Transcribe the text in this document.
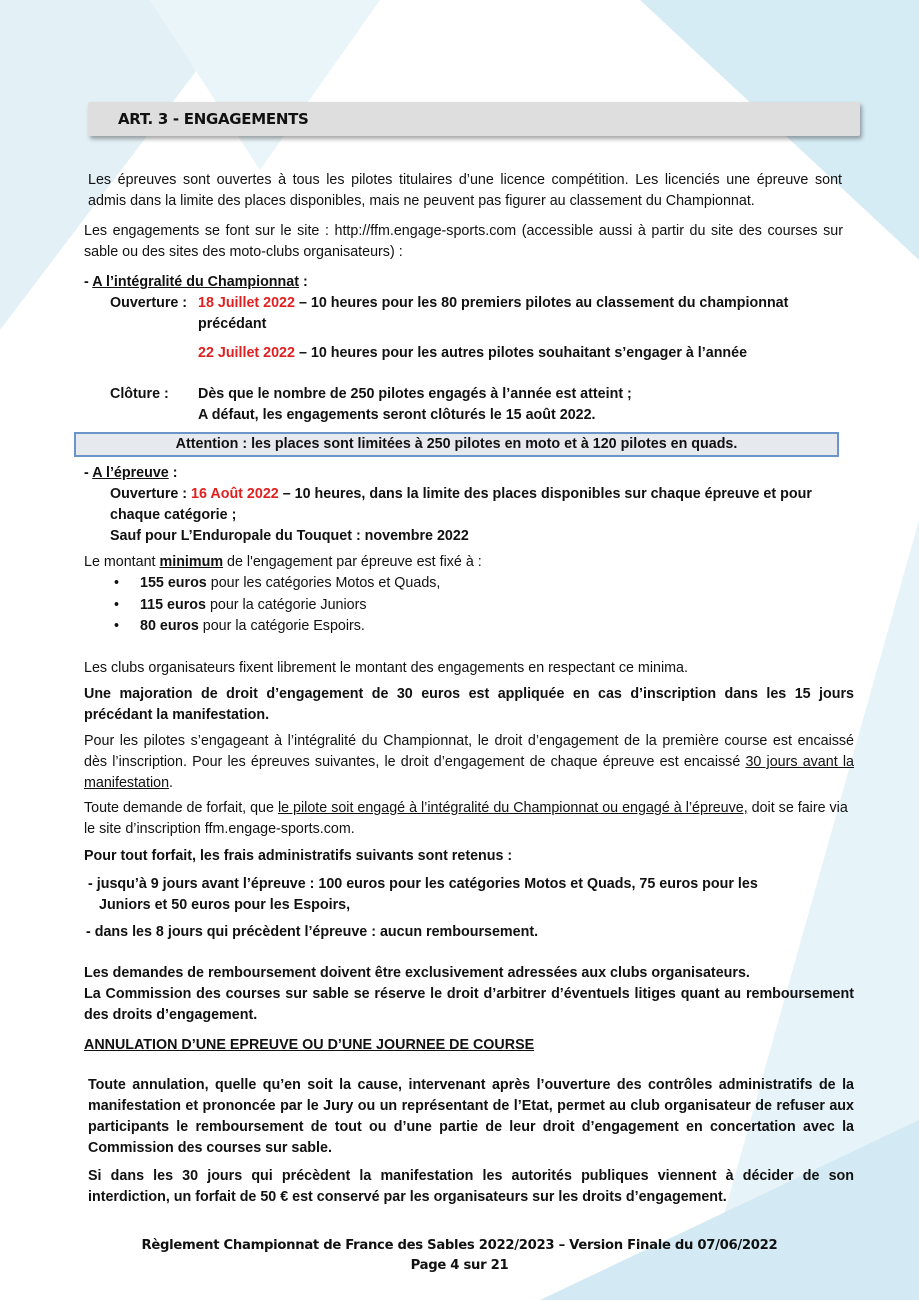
ART. 3 - ENGAGEMENTS
Les épreuves sont ouvertes à tous les pilotes titulaires d’une licence compétition. Les licenciés une épreuve sont admis dans la limite des places disponibles, mais ne peuvent pas figurer au classement du Championnat.
Les engagements se font sur le site : http://ffm.engage-sports.com (accessible aussi à partir du site des courses sur sable ou des sites des moto-clubs organisateurs) :
- A l’intégralité du Championnat :
Ouverture : 18 Juillet 2022 – 10 heures pour les 80 premiers pilotes au classement du championnat
précédant
22 Juillet 2022 – 10 heures pour les autres pilotes souhaitant s’engager à l’année
Clôture : Dès que le nombre de 250 pilotes engagés à l’année est atteint ;
A défaut, les engagements seront clôturés le 15 août 2022.
Attention : les places sont limitées à 250 pilotes en moto et à 120 pilotes en quads.
- A l’épreuve :
Ouverture : 16 Août 2022 – 10 heures, dans la limite des places disponibles sur chaque épreuve et pour chaque catégorie ;
Sauf pour L’Enduropale du Touquet : novembre 2022
Le montant minimum de l'engagement par épreuve est fixé à :
• 155 euros pour les catégories Motos et Quads,
• 115 euros pour la catégorie Juniors
• 80 euros pour la catégorie Espoirs.
Les clubs organisateurs fixent librement le montant des engagements en respectant ce minima.
Une majoration de droit d’engagement de 30 euros est appliquée en cas d’inscription dans les 15 jours précédant la manifestation.
Pour les pilotes s’engageant à l’intégralité du Championnat, le droit d’engagement de la première course est encaissé dès l’inscription. Pour les épreuves suivantes, le droit d’engagement de chaque épreuve est encaissé 30 jours avant la manifestation.
Toute demande de forfait, que le pilote soit engagé à l’intégralité du Championnat ou engagé à l’épreuve, doit se faire via le site d’inscription ffm.engage-sports.com.
Pour tout forfait, les frais administratifs suivants sont retenus :
- jusqu’à 9 jours avant l’épreuve : 100 euros pour les catégories Motos et Quads, 75 euros pour les
Juniors et 50 euros pour les Espoirs,
- dans les 8 jours qui précèdent l’épreuve : aucun remboursement.
Les demandes de remboursement doivent être exclusivement adressées aux clubs organisateurs.
La Commission des courses sur sable se réserve le droit d’arbitrer d’éventuels litiges quant au remboursement des droits d’engagement.
ANNULATION D’UNE EPREUVE OU D’UNE JOURNEE DE COURSE
Toute annulation, quelle qu’en soit la cause, intervenant après l’ouverture des contrôles administratifs de la manifestation et prononcée par le Jury ou un représentant de l’Etat, permet au club organisateur de refuser aux participants le remboursement de tout ou d’une partie de leur droit d’engagement en concertation avec la Commission des courses sur sable.
Si dans les 30 jours qui précèdent la manifestation les autorités publiques viennent à décider de son interdiction, un forfait de 50 € est conservé par les organisateurs sur les droits d’engagement.
Règlement Championnat de France des Sables 2022/2023 – Version Finale du 07/06/2022
Page 4 sur 21
